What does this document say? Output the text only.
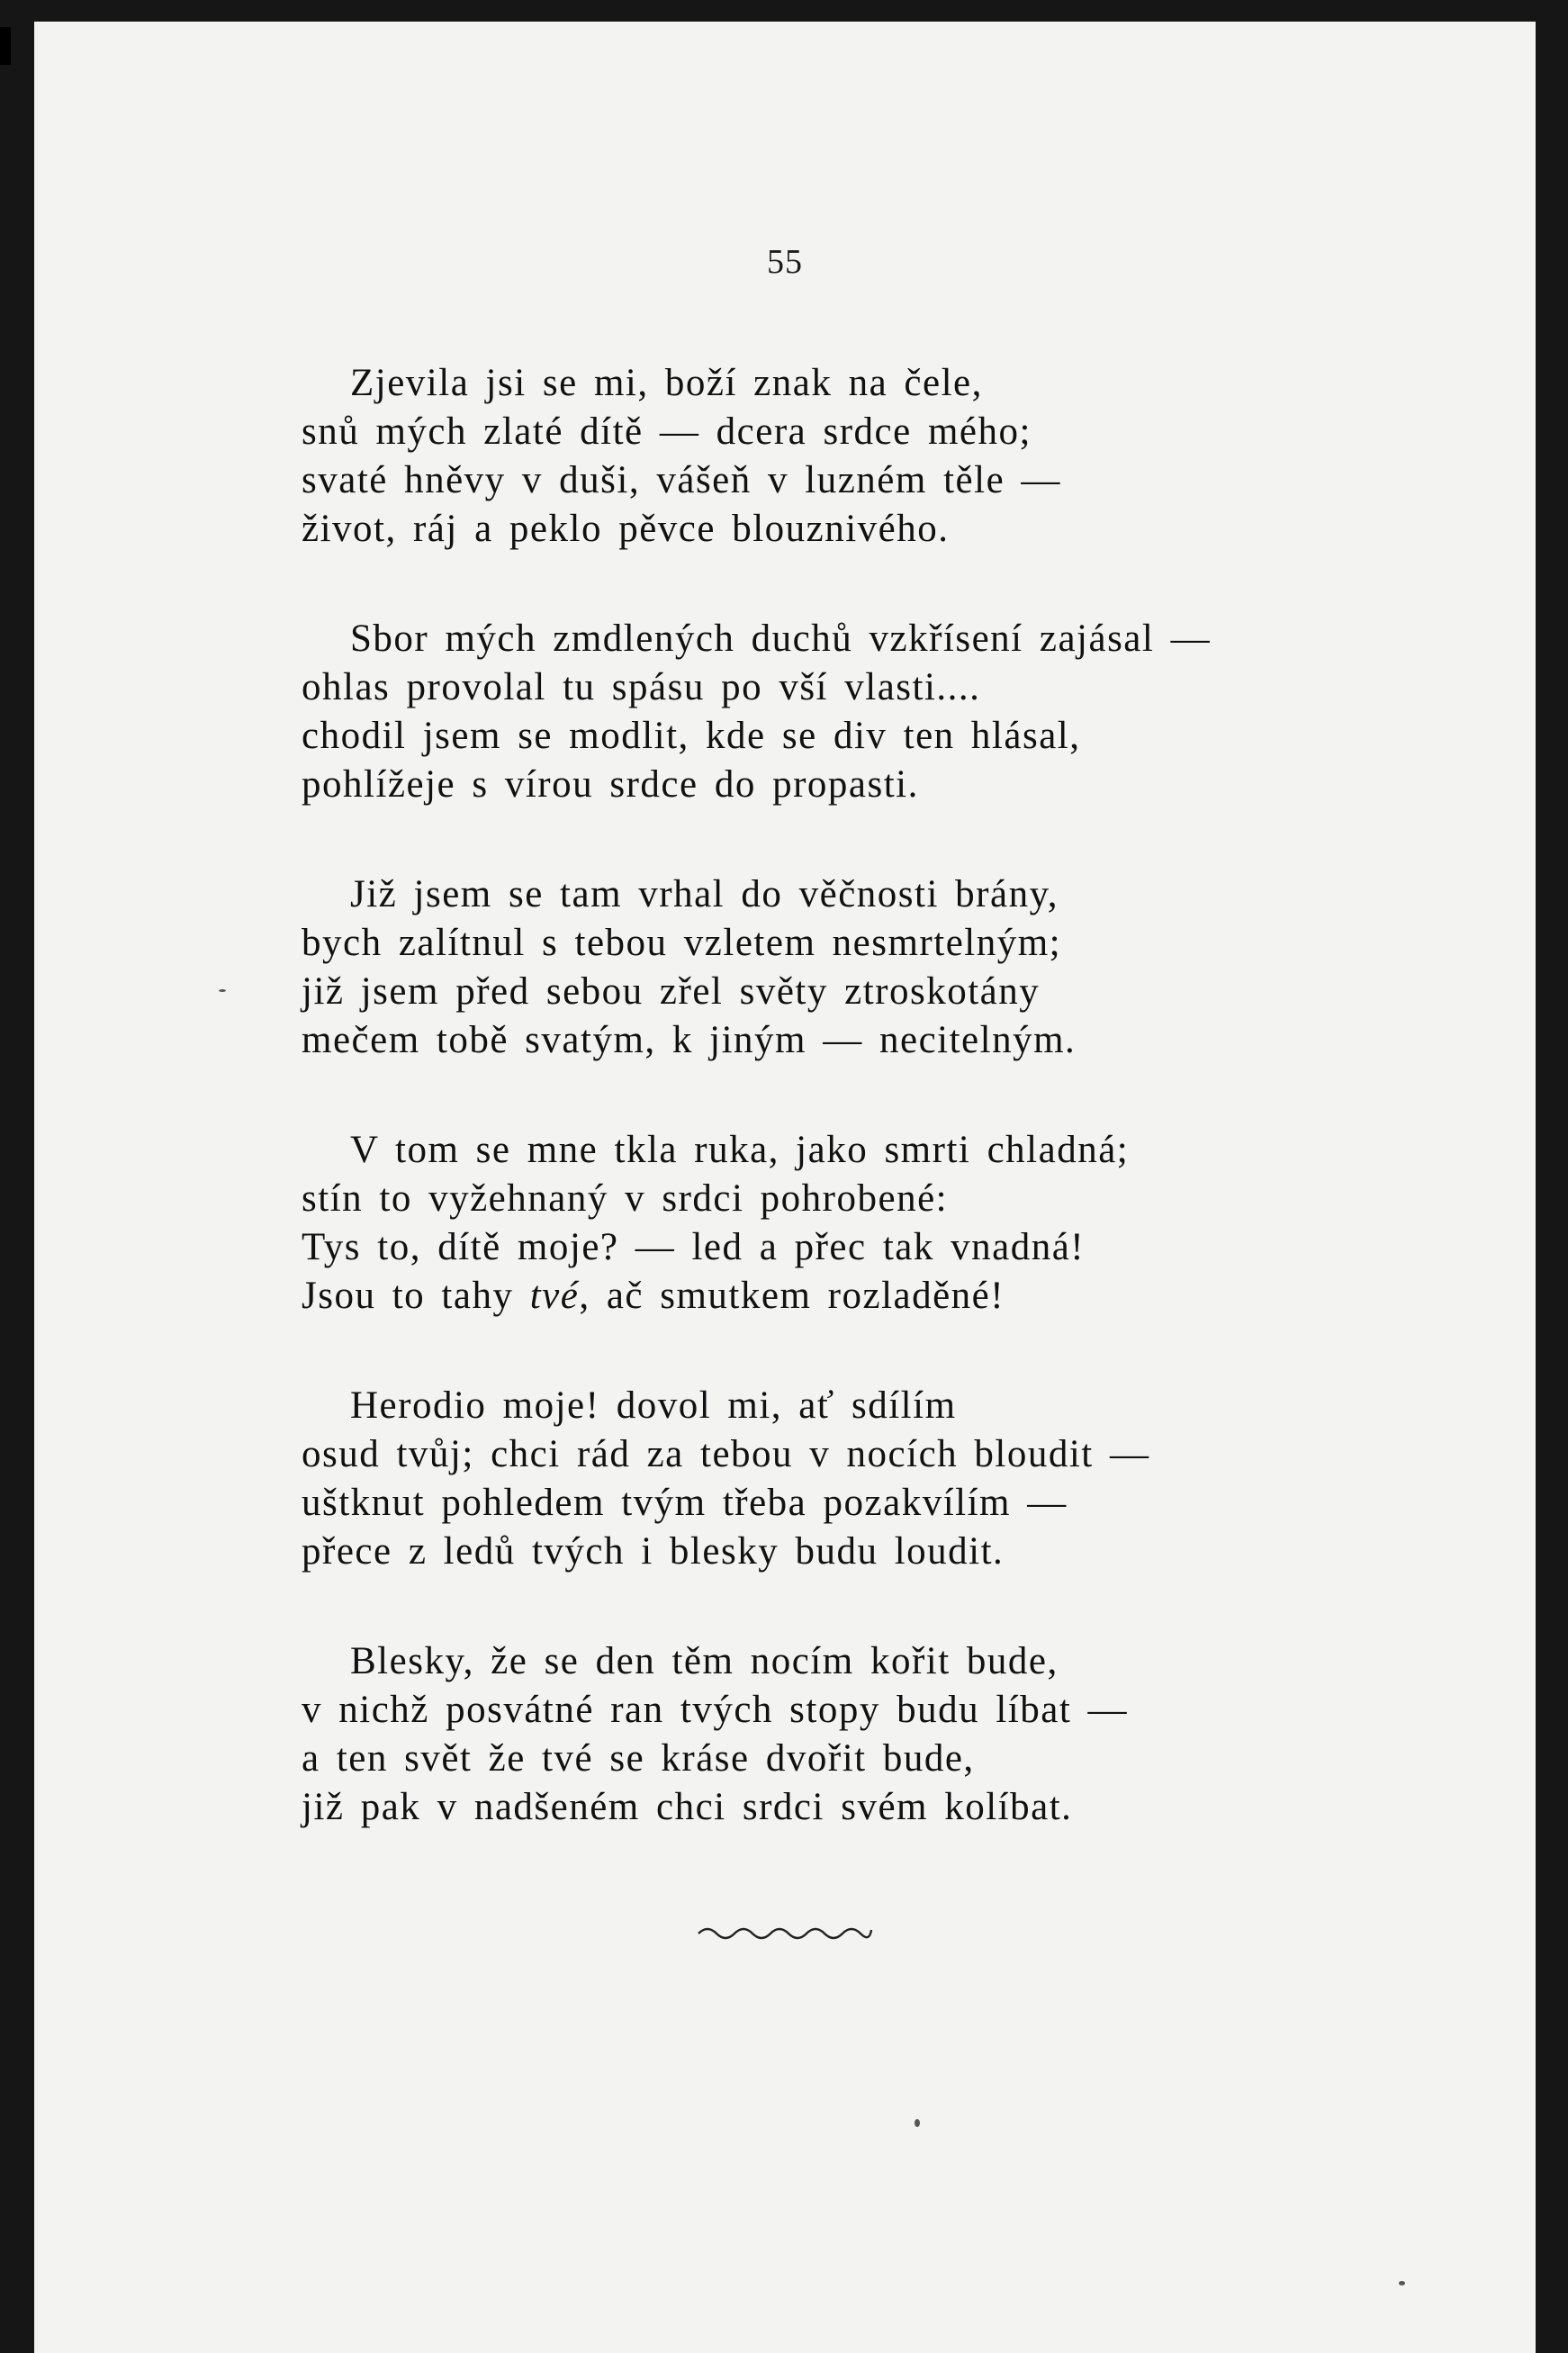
55
Zjevila jsi se mi, boží znak na čele,
snů mých zlaté dítě — dcera srdce mého;
svaté hněvy v duši, vášeň v luzném těle —
život, ráj a peklo pěvce blouznivého.
Sbor mých zmdlených duchů vzkřísení zajásal —
ohlas provolal tu spásu po vší vlasti....
chodil jsem se modlit, kde se div ten hlásal,
pohlížeje s vírou srdce do propasti.
Již jsem se tam vrhal do věčnosti brány,
bych zalítnul s tebou vzletem nesmrtelným;
již jsem před sebou zřel světy ztroskotány
mečem tobě svatým, k jiným — necitelným.
V tom se mne tkla ruka, jako smrti chladná;
stín to vyžehnaný v srdci pohrobené:
Tys to, dítě moje? — led a přec tak vnadná!
Jsou to tahy tvé, ač smutkem rozladěné!
Herodio moje! dovol mi, ať sdílím
osud tvůj; chci rád za tebou v nocích bloudit —
uštknut pohledem tvým třeba pozakvílím —
přece z ledů tvých i blesky budu loudit.
Blesky, že se den těm nocím kořit bude,
v nichž posvátné ran tvých stopy budu líbat —
a ten svět že tvé se kráse dvořit bude,
již pak v nadšeném chci srdci svém kolíbat.
